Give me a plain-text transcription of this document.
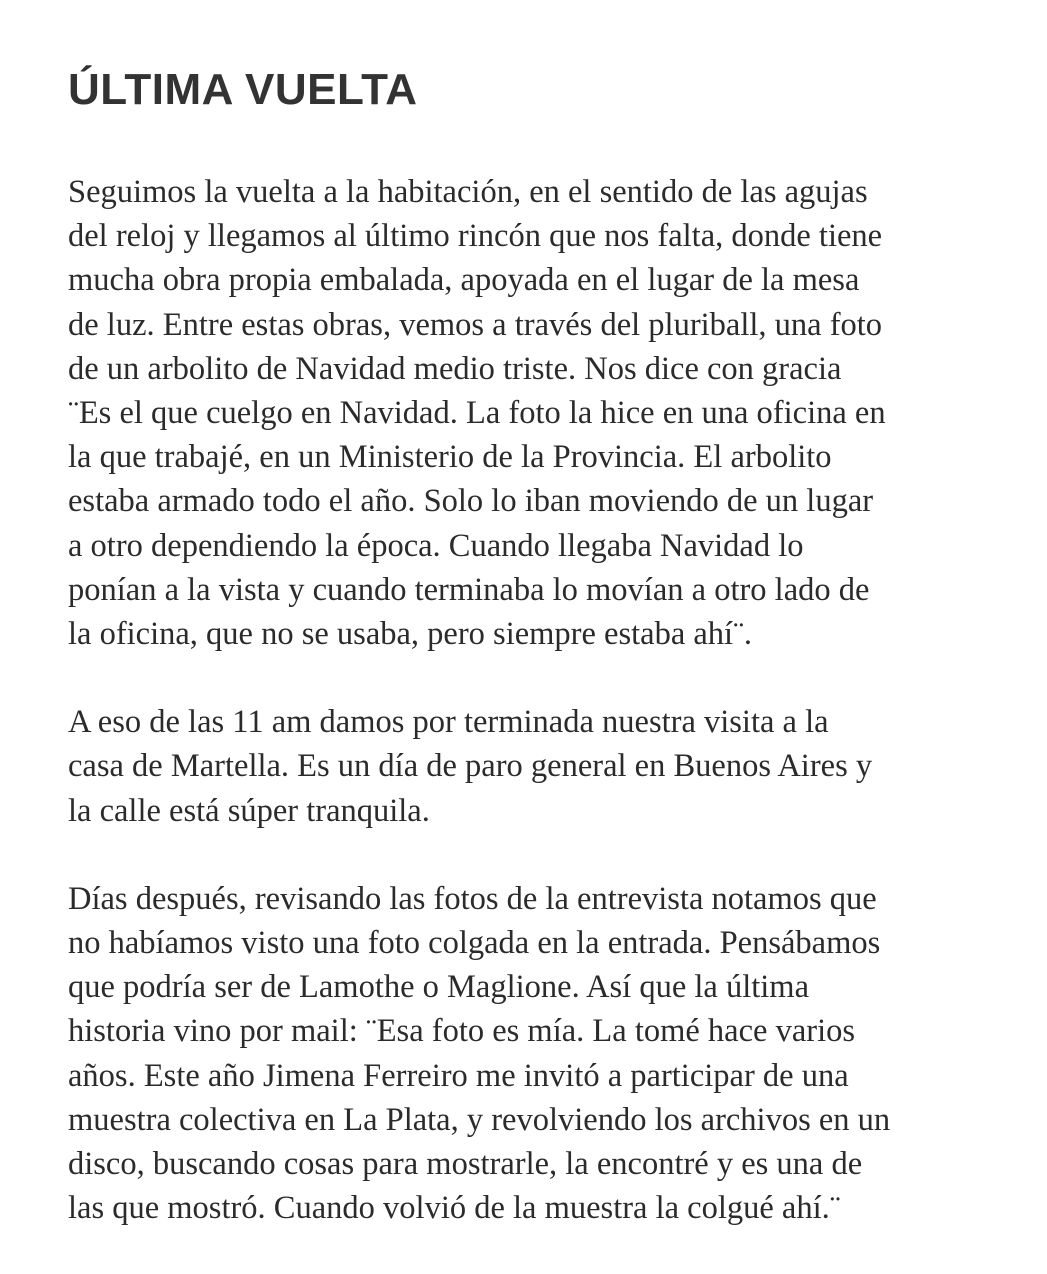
ÚLTIMA VUELTA

Seguimos la vuelta a la habitación, en el sentido de las agujas
del reloj y llegamos al último rincón que nos falta, donde tiene
mucha obra propia embalada, apoyada en el lugar de la mesa
de luz. Entre estas obras, vemos a través del pluriball, una foto
de un arbolito de Navidad medio triste. Nos dice con gracia
¨Es el que cuelgo en Navidad. La foto la hice en una oficina en
la que trabajé, en un Ministerio de la Provincia. El arbolito
estaba armado todo el año. Solo lo iban moviendo de un lugar
a otro dependiendo la época. Cuando llegaba Navidad lo
ponían a la vista y cuando terminaba lo movían a otro lado de
la oficina, que no se usaba, pero siempre estaba ahí¨.

A eso de las 11 am damos por terminada nuestra visita a la
casa de Martella. Es un día de paro general en Buenos Aires y
la calle está súper tranquila.

Días después, revisando las fotos de la entrevista notamos que
no habíamos visto una foto colgada en la entrada. Pensábamos
que podría ser de Lamothe o Maglione. Así que la última
historia vino por mail: ¨Esa foto es mía. La tomé hace varios
años. Este año Jimena Ferreiro me invitó a participar de una
muestra colectiva en La Plata, y revolviendo los archivos en un
disco, buscando cosas para mostrarle, la encontré y es una de
las que mostró. Cuando volvió de la muestra la colgué ahí.¨
